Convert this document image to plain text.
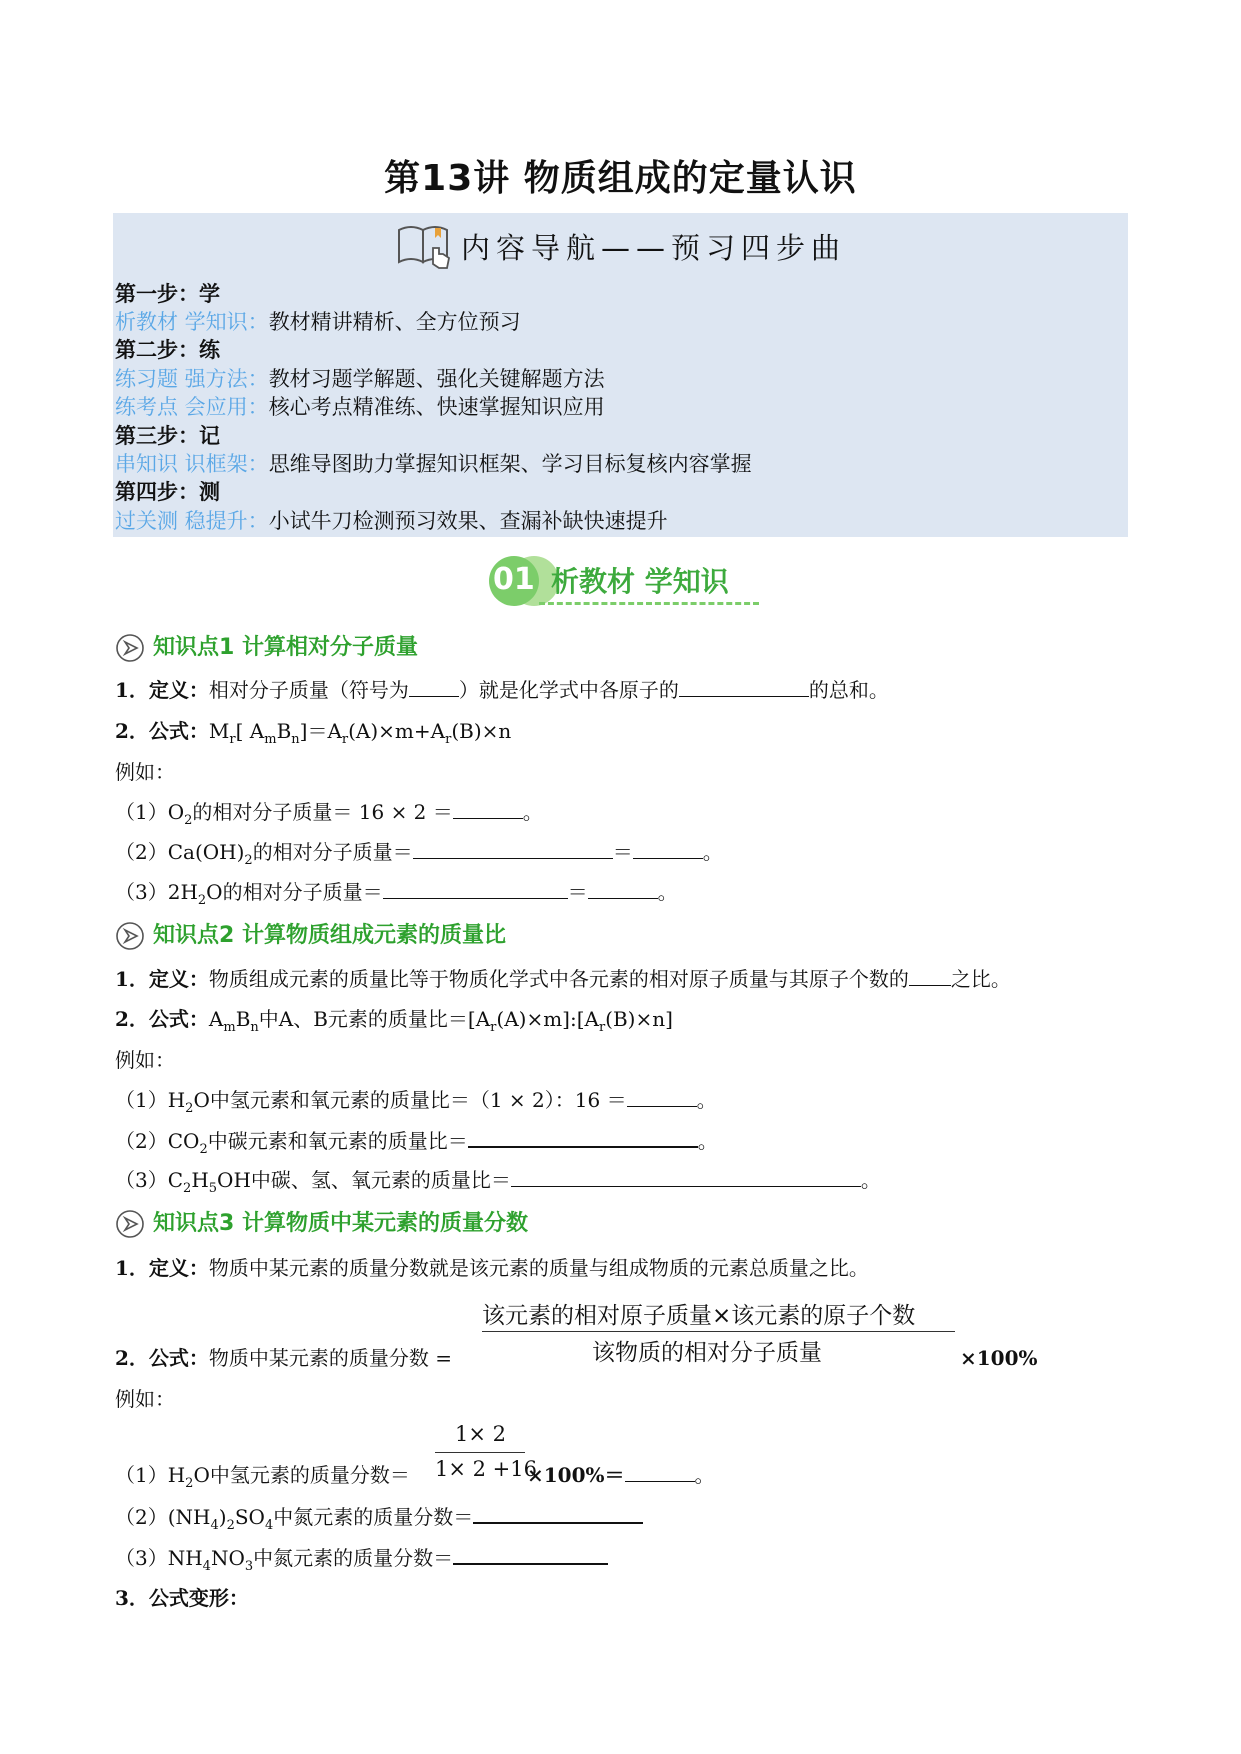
第13讲 物质组成的定量认识
内容导航——预习四步曲
第一步：学
析教材 学知识：教材精讲精析、全方位预习
第二步：练
练习题 强方法：教材习题学解题、强化关键解题方法
练考点 会应用：核心考点精准练、快速掌握知识应用
第三步：记
串知识 识框架：思维导图助力掌握知识框架、学习目标复核内容掌握
第四步：测
过关测 稳提升：小试牛刀检测预习效果、查漏补缺快速提升
01 析教材 学知识
知识点1 计算相对分子质量
1．定义：相对分子质量（符号为	）就是化学式中各原子的	的总和。
2．公式：$M_r$[ $A_mB_n]=A_r(A)\times m+A_r(B)\times n$
例如：
$(1)O_2$的相对分子质量＝ 16 × 2 ＝	。
$(2)Ca(OH)_2$的相对分子质量＝	＝	。
$(3)2H_2O$的相对分子质量＝	＝	。
知识点2 计算物质组成元素的质量比
1．定义：物质组成元素的质量比等于物质化学式中各元素的相对原子质量与其原子个数的 之比。
2．公式：$A_mB_n$中A、B元素的质量比$=[A_r(A)\times m]:[A_r(B)\times n]$
例如：
$(1)H_2O$中氢元素和氧元素的质量比＝（1 × 2）：16 ＝	。
$(2)CO_2$中碳元素和氧元素的质量比＝	。
$(3)C_2H_5OH$中碳、氢、氧元素的质量比＝	。
知识点3 计算物质中某元素的质量分数
1．定义：物质中某元素的质量分数就是该元素的质量与组成物质的元素总质量之比。
该元素的相对原子质量×该元素的原子个数
该物质的相对分子质量
2．公式：物质中某元素的质量分数 =	×100%
例如：
1× 2
1× 2 +16
$(1)H_2O$中氢元素的质量分数＝	×100%＝	。
$(2)(NH_4)_2SO_4$中氮元素的质量分数＝
$(3)NH_4NO_3$中氮元素的质量分数＝
3．公式变形：
